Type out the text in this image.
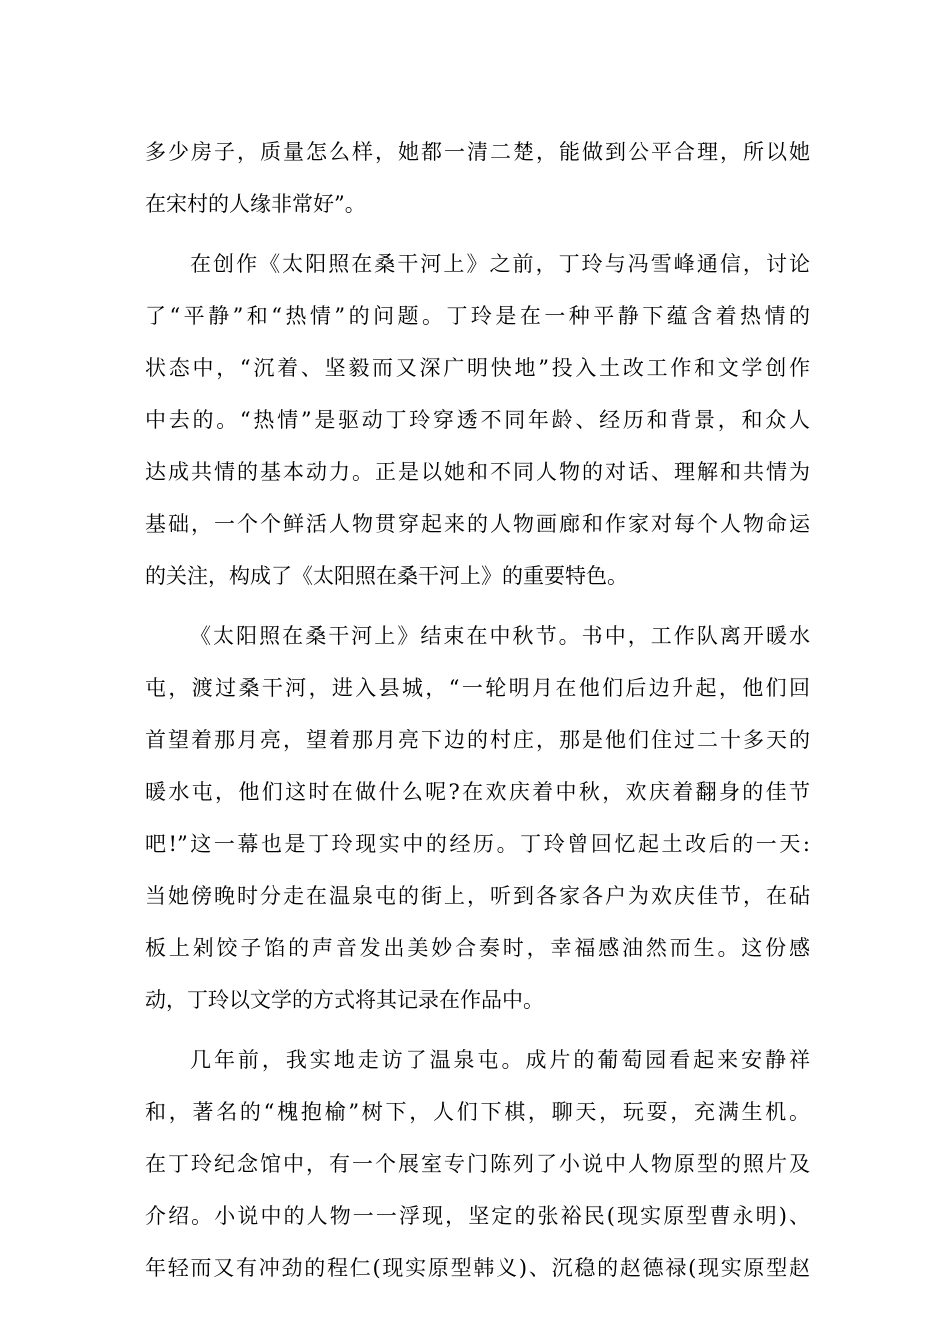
多少房子，质量怎么样，她都一清二楚，能做到公平合理，所以她
在宋村的人缘非常好”。
在创作《太阳照在桑干河上》之前，丁玲与冯雪峰通信，讨论
了“平静”和“热情”的问题。丁玲是在一种平静下蕴含着热情的
状态中，“沉着、坚毅而又深广明快地”投入土改工作和文学创作
中去的。“热情”是驱动丁玲穿透不同年龄、经历和背景，和众人
达成共情的基本动力。正是以她和不同人物的对话、理解和共情为
基础，一个个鲜活人物贯穿起来的人物画廊和作家对每个人物命运
的关注，构成了《太阳照在桑干河上》的重要特色。
《太阳照在桑干河上》结束在中秋节。书中，工作队离开暖水
屯，渡过桑干河，进入县城，“一轮明月在他们后边升起，他们回
首望着那月亮，望着那月亮下边的村庄，那是他们住过二十多天的
暖水屯，他们这时在做什么呢?在欢庆着中秋，欢庆着翻身的佳节
吧!”这一幕也是丁玲现实中的经历。丁玲曾回忆起土改后的一天:
当她傍晚时分走在温泉屯的街上，听到各家各户为欢庆佳节，在砧
板上剁饺子馅的声音发出美妙合奏时，幸福感油然而生。这份感
动，丁玲以文学的方式将其记录在作品中。
几年前，我实地走访了温泉屯。成片的葡萄园看起来安静祥
和，著名的“槐抱榆”树下，人们下棋，聊天，玩耍，充满生机。
在丁玲纪念馆中，有一个展室专门陈列了小说中人物原型的照片及
介绍。小说中的人物一一浮现，坚定的张裕民(现实原型曹永明)、
年轻而又有冲劲的程仁(现实原型韩义)、沉稳的赵德禄(现实原型赵
